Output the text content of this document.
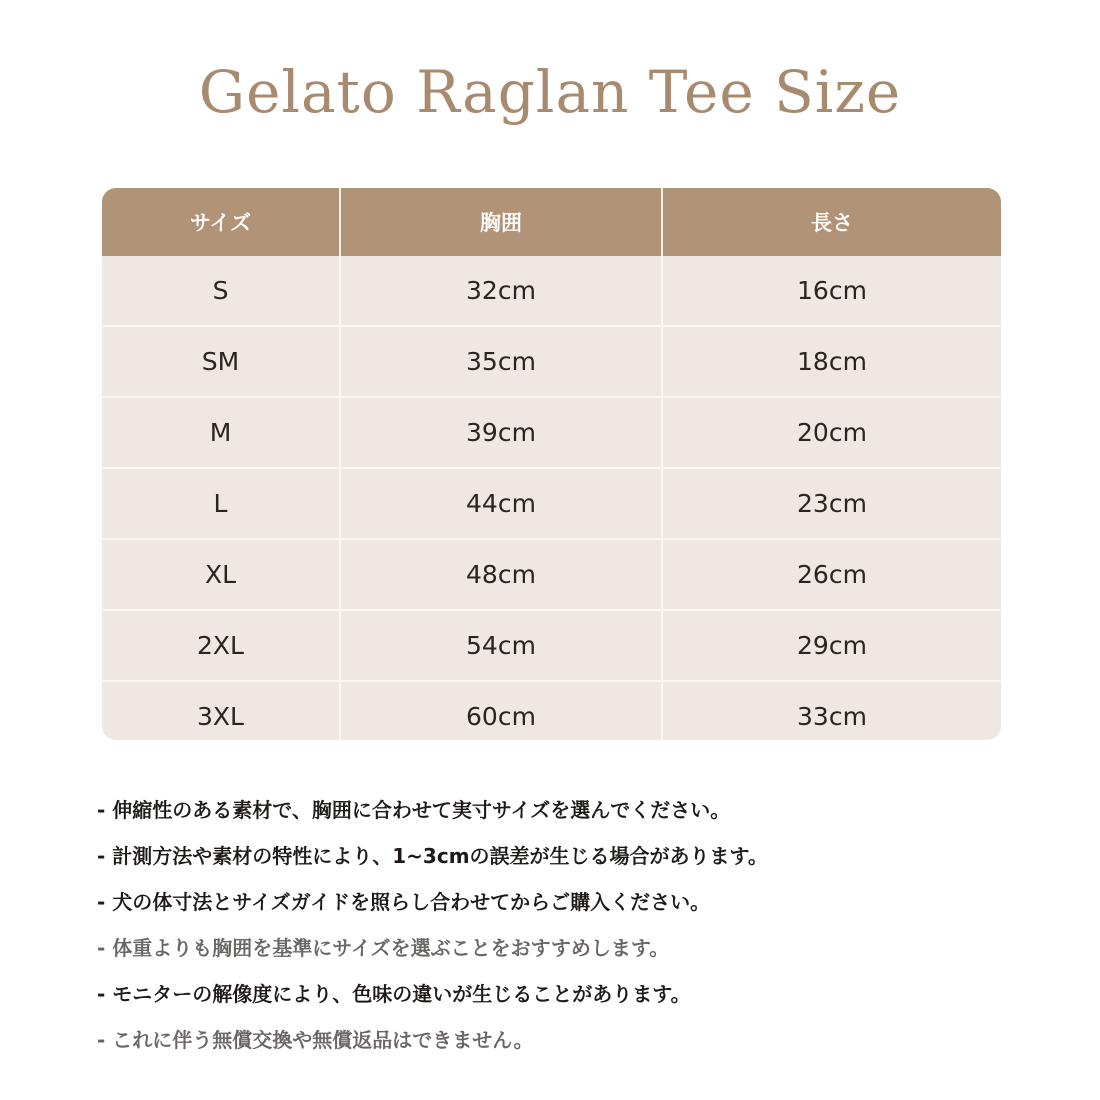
Gelato Raglan Tee Size
サイズ	胸囲	長さ
S	32cm	16cm
SM	35cm	18cm
M	39cm	20cm
L	44cm	23cm
XL	48cm	26cm
2XL	54cm	29cm
3XL	60cm	33cm
- 伸縮性のある素材で、胸囲に合わせて実寸サイズを選んでください。
- 計測方法や素材の特性により、1~3cmの誤差が生じる場合があります。
- 犬の体寸法とサイズガイドを照らし合わせてからご購入ください。
- 体重よりも胸囲を基準にサイズを選ぶことをおすすめします。
- モニターの解像度により、色味の違いが生じることがあります。
- これに伴う無償交換や無償返品はできません。
